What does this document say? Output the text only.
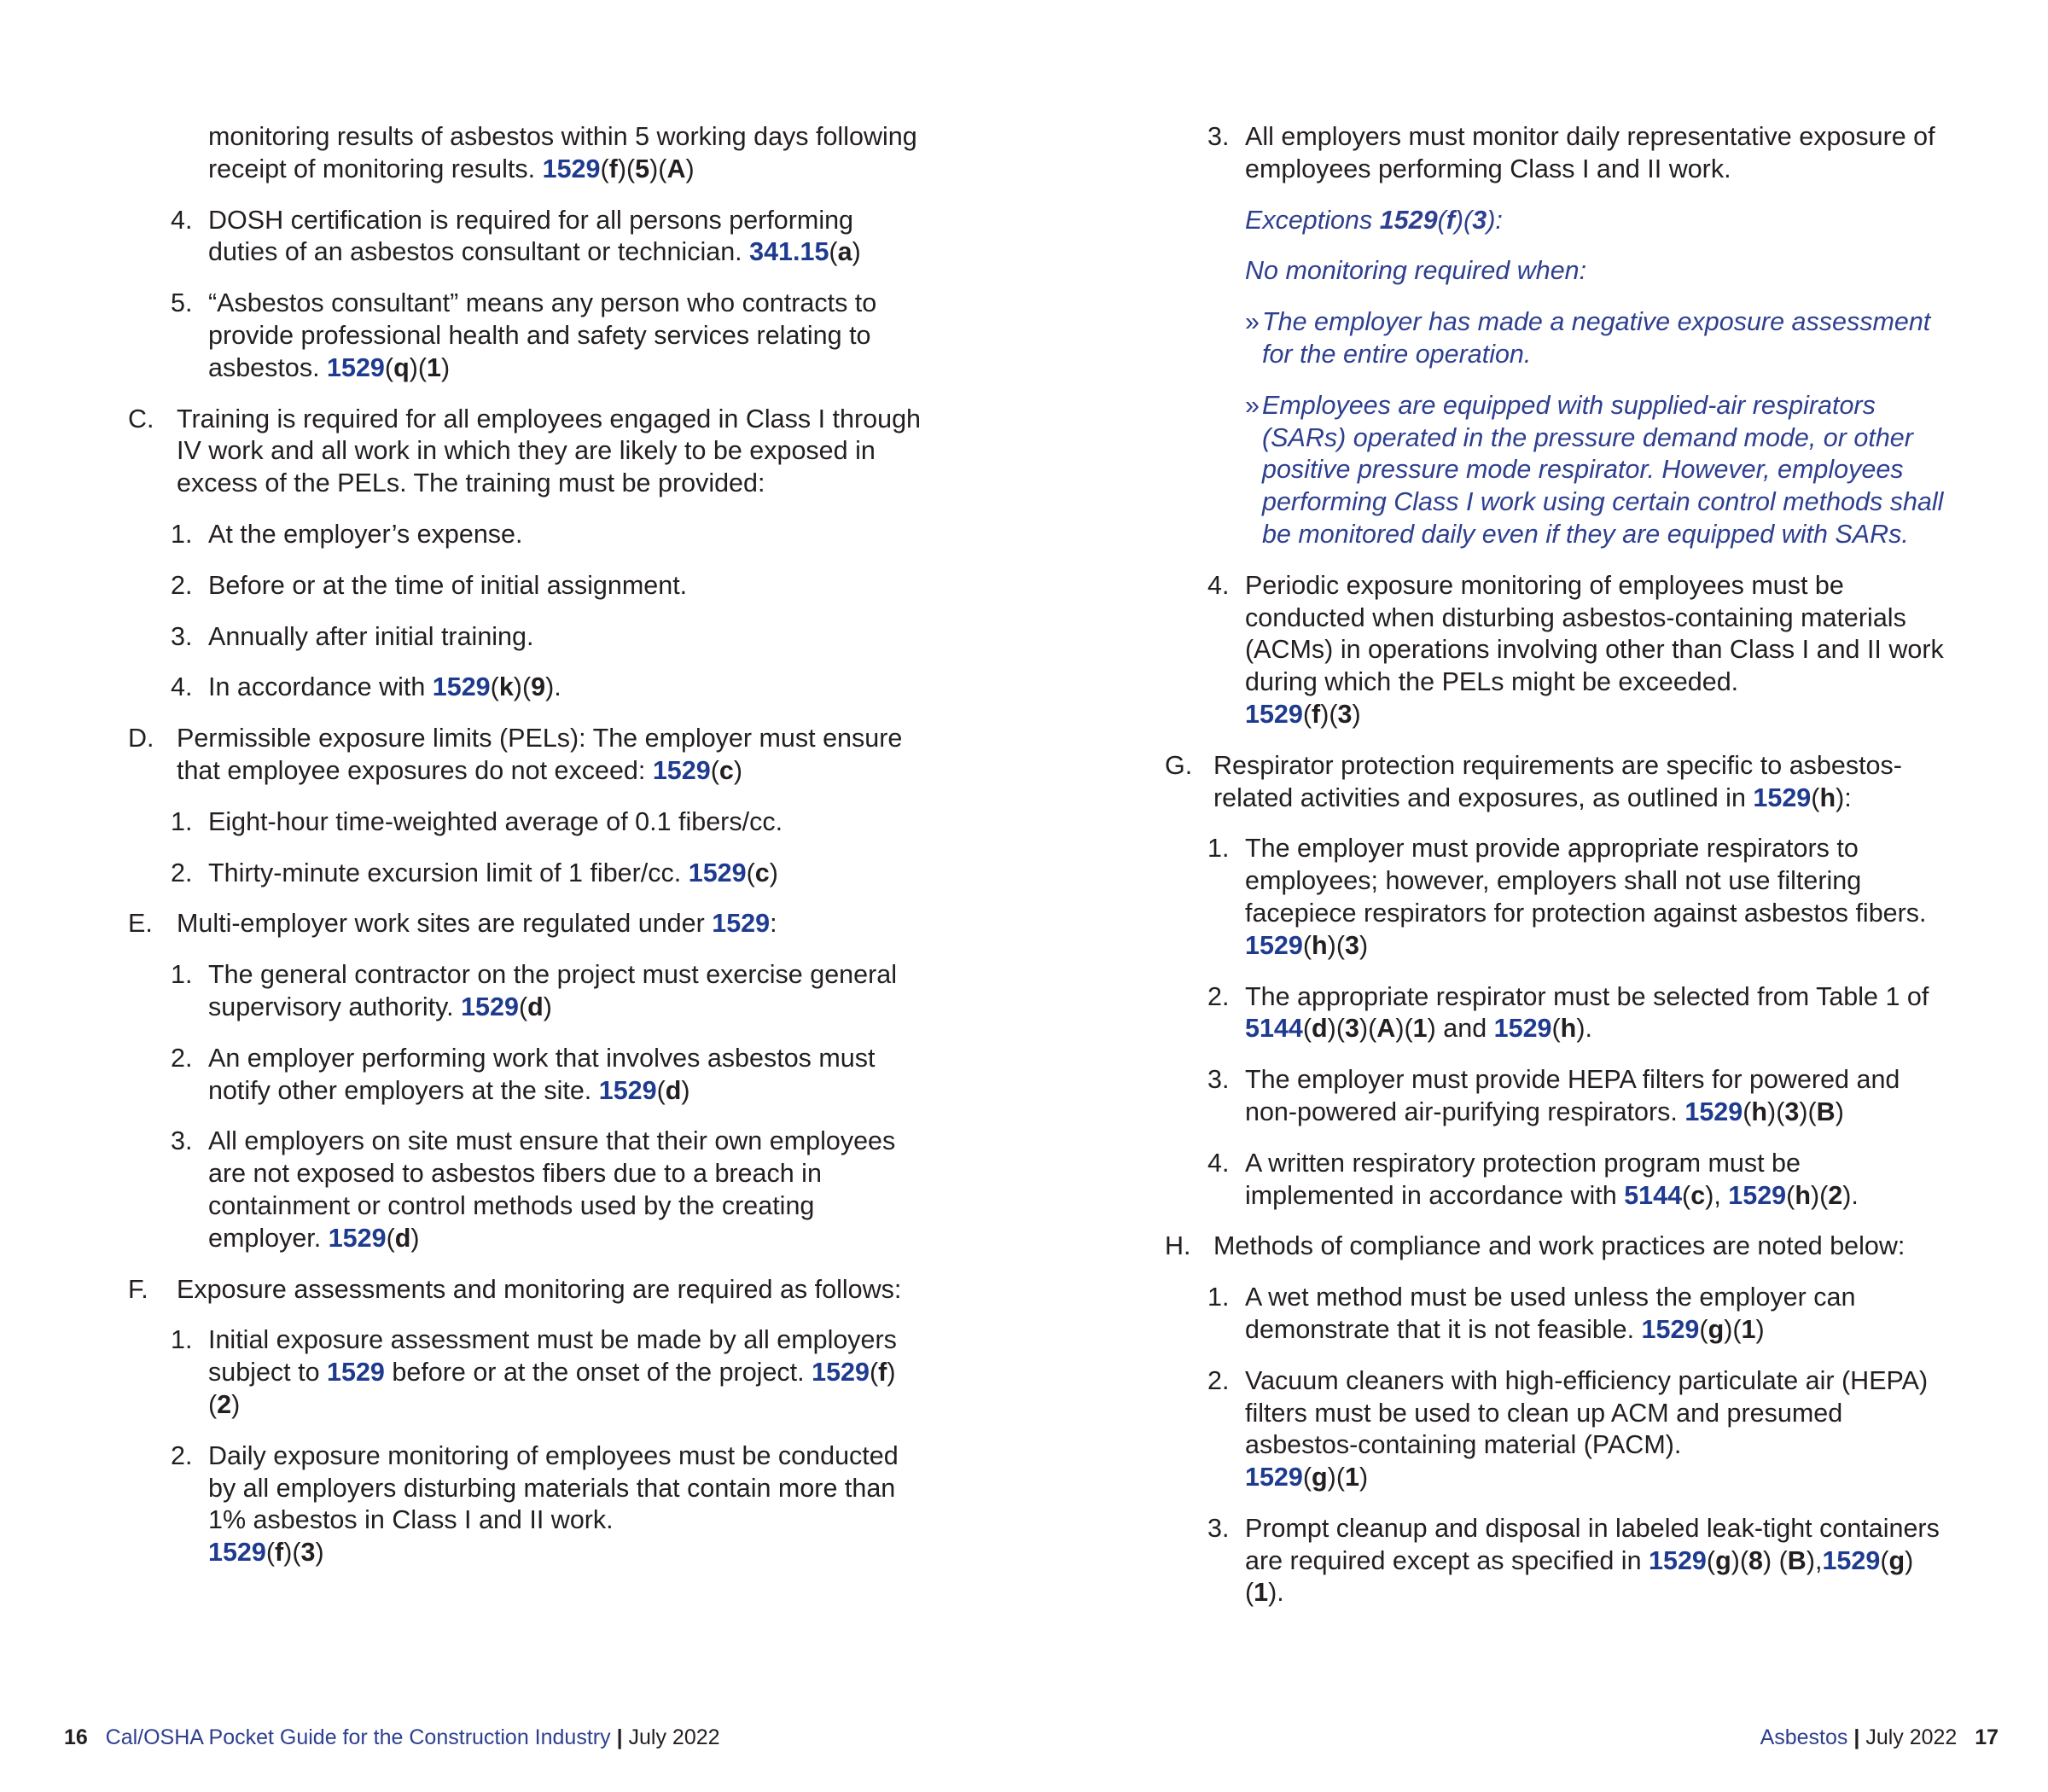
monitoring results of asbestos within 5 working days following receipt of monitoring results. 1529(f)(5)(A)
4. DOSH certification is required for all persons performing duties of an asbestos consultant or technician. 341.15(a)
5. “Asbestos consultant” means any person who contracts to provide professional health and safety services relating to asbestos. 1529(q)(1)
C. Training is required for all employees engaged in Class I through IV work and all work in which they are likely to be exposed in excess of the PELs. The training must be provided:
1. At the employer’s expense.
2. Before or at the time of initial assignment.
3. Annually after initial training.
4. In accordance with 1529(k)(9).
D. Permissible exposure limits (PELs): The employer must ensure that employee exposures do not exceed: 1529(c)
1. Eight-hour time-weighted average of 0.1 fibers/cc.
2. Thirty-minute excursion limit of 1 fiber/cc. 1529(c)
E. Multi-employer work sites are regulated under 1529:
1. The general contractor on the project must exercise general supervisory authority. 1529(d)
2. An employer performing work that involves asbestos must notify other employers at the site. 1529(d)
3. All employers on site must ensure that their own employees are not exposed to asbestos fibers due to a breach in containment or control methods used by the creating employer. 1529(d)
F.	Exposure assessments and monitoring are required as follows:
1. Initial exposure assessment must be made by all employers subject to 1529 before or at the onset of the project. 1529(f)(2)
2. Daily exposure monitoring of employees must be conducted by all employers disturbing materials that contain more than 1% asbestos in Class I and II work.
1529(f)(3)
16 Cal/OSHA Pocket Guide for the Construction Industry | July 2022
3. All employers must monitor daily representative exposure of employees performing Class I and II work.
Exceptions 1529(f)(3):
No monitoring required when:
» The employer has made a negative exposure assessment for the entire operation.
» Employees are equipped with supplied-air respirators (SARs) operated in the pressure demand mode, or other positive pressure mode respirator. However, employees performing Class I work using certain control methods shall be monitored daily even if they are equipped with SARs.
4. Periodic exposure monitoring of employees must be conducted when disturbing asbestos-containing materials (ACMs) in operations involving other than Class I and II work during which the PELs might be exceeded.
1529(f)(3)
G. Respirator protection requirements are specific to asbestos-related activities and exposures, as outlined in 1529(h):
1. The employer must provide appropriate respirators to employees; however, employers shall not use filtering facepiece respirators for protection against asbestos fibers. 1529(h)(3)
2. The appropriate respirator must be selected from Table 1 of 5144(d)(3)(A)(1) and 1529(h).
3. The employer must provide HEPA filters for powered and non-powered air-purifying respirators. 1529(h)(3)(B)
4. A written respiratory protection program must be implemented in accordance with 5144(c), 1529(h)(2).
H. Methods of compliance and work practices are noted below:
1. A wet method must be used unless the employer can demonstrate that it is not feasible. 1529(g)(1)
2. Vacuum cleaners with high-efficiency particulate air (HEPA) filters must be used to clean up ACM and presumed asbestos-containing material (PACM).
1529(g)(1)
3. Prompt cleanup and disposal in labeled leak-tight containers are required except as specified in 1529(g)(8) (B),1529(g)(1).
Asbestos | July 2022 17
